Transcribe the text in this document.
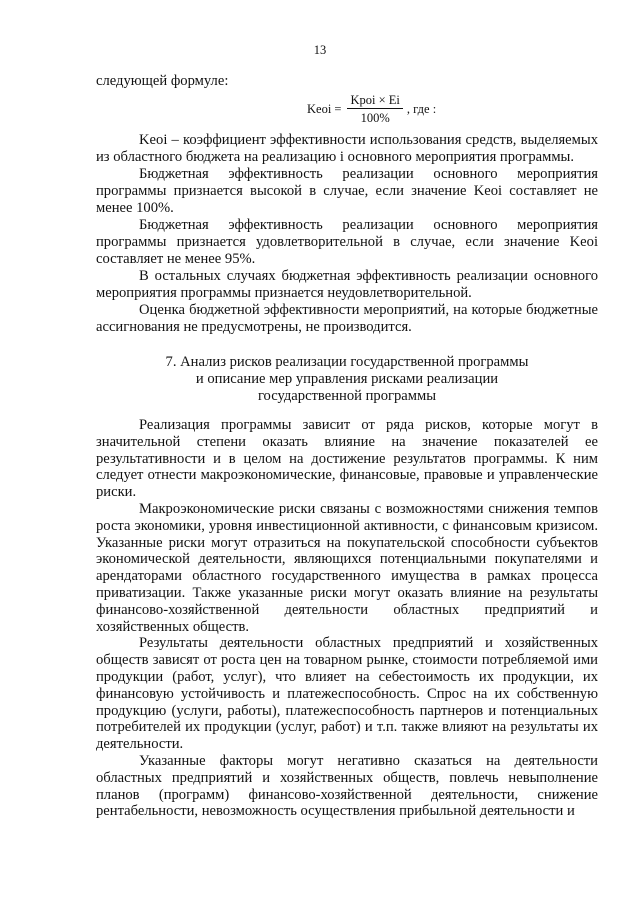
13

следующей формуле:

Keoi = $\frac{\text{Kpoi × Ei}}{100\%}$ , где :

Keoi – коэффициент эффективности использования средств, выделяемых из областного бюджета на реализацию i основного мероприятия программы.

Бюджетная эффективность реализации основного мероприятия программы признается высокой в случае, если значение Keoi составляет не менее 100%.

Бюджетная эффективность реализации основного мероприятия программы признается удовлетворительной в случае, если значение Keoi составляет не менее 95%.

В остальных случаях бюджетная эффективность реализации основного мероприятия программы признается неудовлетворительной.

Оценка бюджетной эффективности мероприятий, на которые бюджетные ассигнования не предусмотрены, не производится.

7. Анализ рисков реализации государственной программы
и описание мер управления рисками реализации
государственной программы

Реализация программы зависит от ряда рисков, которые могут в значительной степени оказать влияние на значение показателей ее результативности и в целом на достижение результатов программы. К ним следует отнести макроэкономические, финансовые, правовые и управленческие риски.

Макроэкономические риски связаны с возможностями снижения темпов роста экономики, уровня инвестиционной активности, с финансовым кризисом. Указанные риски могут отразиться на покупательской способности субъектов экономической деятельности, являющихся потенциальными покупателями и арендаторами областного государственного имущества в рамках процесса приватизации. Также указанные риски могут оказать влияние на результаты финансово-хозяйственной деятельности областных предприятий и хозяйственных обществ.

Результаты деятельности областных предприятий и хозяйственных обществ зависят от роста цен на товарном рынке, стоимости потребляемой ими продукции (работ, услуг), что влияет на себестоимость их продукции, их финансовую устойчивость и платежеспособность. Спрос на их собственную продукцию (услуги, работы), платежеспособность партнеров и потенциальных потребителей их продукции (услуг, работ) и т.п. также влияют на результаты их деятельности.

Указанные факторы могут негативно сказаться на деятельности областных предприятий и хозяйственных обществ, повлечь невыполнение планов (программ) финансово-хозяйственной деятельности, снижение рентабельности, невозможность осуществления прибыльной деятельности и
